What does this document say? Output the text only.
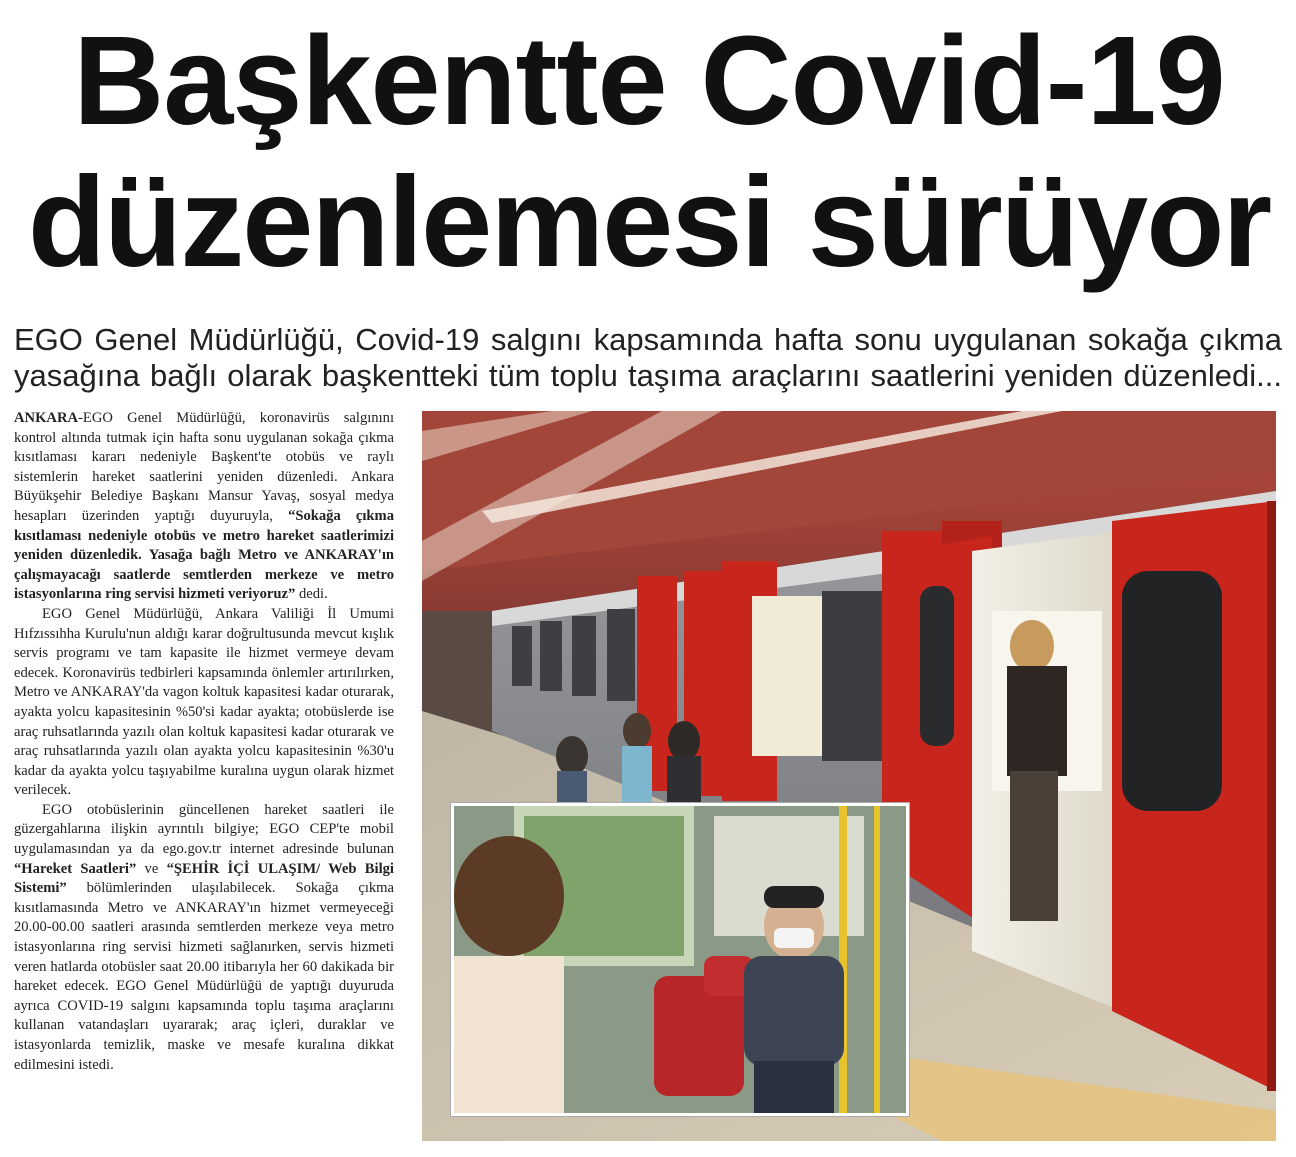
Başkentte Covid-19
düzenlemesi sürüyor
EGO Genel Müdürlüğü, Covid-19 salgını kapsamında hafta sonu uygulanan sokağa çıkma
yasağına bağlı olarak başkentteki tüm toplu taşıma araçlarını saatlerini yeniden düzenledi...

ANKARA-EGO Genel Müdürlüğü, koronavirüs salgınını kontrol altında tutmak için hafta sonu uygulanan sokağa çıkma kısıtlaması kararı nedeniyle Başkent'te otobüs ve raylı sistemlerin hareket saatlerini yeniden düzenledi. Ankara Büyükşehir Belediye Başkanı Mansur Yavaş, sosyal medya hesapları üzerinden yaptığı duyuruyla, “Sokağa çıkma kısıtlaması nedeniyle otobüs ve metro hareket saatlerimizi yeniden düzenledik. Yasağa bağlı Metro ve ANKARAY'ın çalışmayacağı saatlerde semtlerden merkeze ve metro istasyonlarına ring servisi hizmeti veriyoruz” dedi.

EGO Genel Müdürlüğü, Ankara Valiliği İl Umumi Hıfzıssıhha Kurulu'nun aldığı karar doğrultusunda mevcut kışlık servis programı ve tam kapasite ile hizmet vermeye devam edecek. Koronavirüs tedbirleri kapsamında önlemler artırılırken, Metro ve ANKARAY'da vagon koltuk kapasitesi kadar oturarak, ayakta yolcu kapasitesinin %50'si kadar ayakta; otobüslerde ise araç ruhsatlarında yazılı olan koltuk kapasitesi kadar oturarak ve araç ruhsatlarında yazılı olan ayakta yolcu kapasitesinin %30'u kadar da ayakta yolcu taşıyabilme kuralına uygun olarak hizmet verilecek.

EGO otobüslerinin güncellenen hareket saatleri ile güzergahlarına ilişkin ayrıntılı bilgiye; EGO CEP'te mobil uygulamasından ya da ego.gov.tr internet adresinde bulunan “Hareket Saatleri” ve “ŞEHİR İÇİ ULAŞIM/ Web Bilgi Sistemi” bölümlerinden ulaşılabilecek. Sokağa çıkma kısıtlamasında Metro ve ANKARAY'ın hizmet vermeyeceği 20.00-00.00 saatleri arasında semtlerden merkeze veya metro istasyonlarına ring servisi hizmeti sağlanırken, servis hizmeti veren hatlarda otobüsler saat 20.00 itibarıyla her 60 dakikada bir hareket edecek. EGO Genel Müdürlüğü de yaptığı duyuruda ayrıca COVID-19 salgını kapsamında toplu taşıma araçlarını kullanan vatandaşları uyararak; araç içleri, duraklar ve istasyonlarda temizlik, maske ve mesafe kuralına dikkat edilmesini istedi.
